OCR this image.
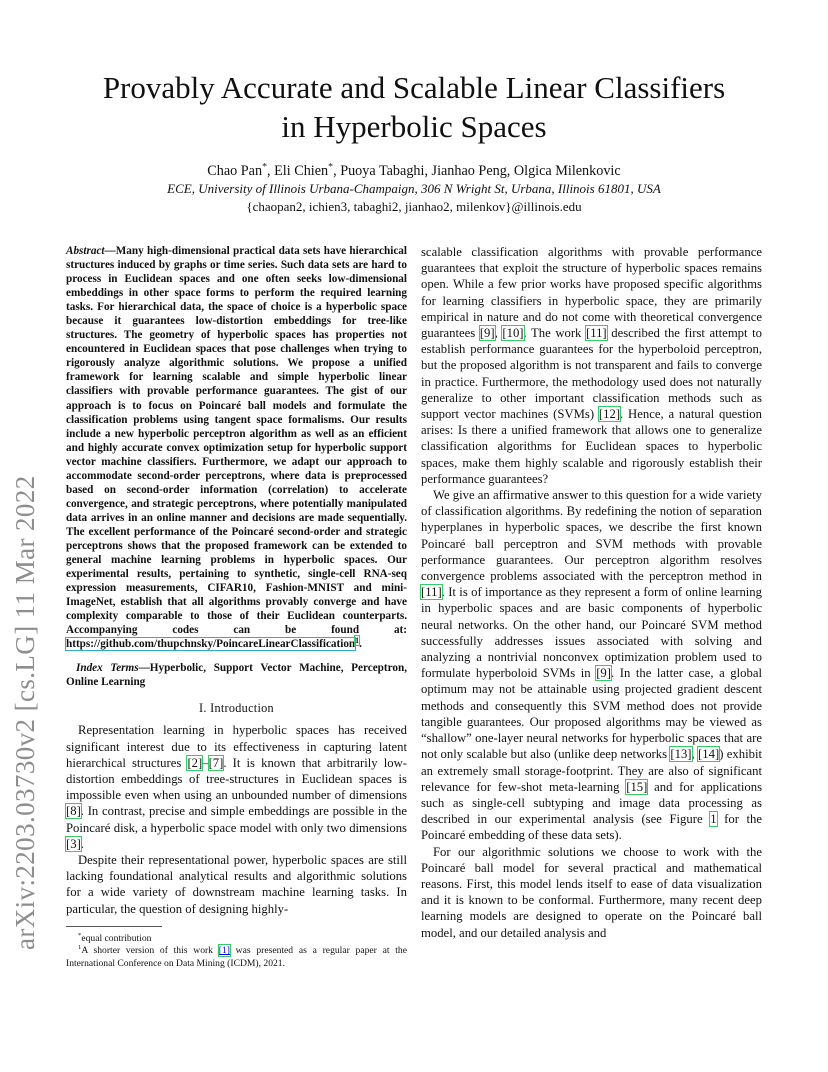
arXiv:2203.03730v2 [cs.LG] 11 Mar 2022
Provably Accurate and Scalable Linear Classifiers
in Hyperbolic Spaces
Chao Pan*, Eli Chien*, Puoya Tabaghi, Jianhao Peng, Olgica Milenkovic
ECE, University of Illinois Urbana-Champaign, 306 N Wright St, Urbana, Illinois 61801, USA
{chaopan2, ichien3, tabaghi2, jianhao2, milenkov}@illinois.edu
Abstract—Many high-dimensional practical data sets have hierarchical structures induced by graphs or time series. Such data sets are hard to process in Euclidean spaces and one often seeks low-dimensional embeddings in other space forms to perform the required learning tasks. For hierarchical data, the space of choice is a hyperbolic space because it guarantees low-distortion embeddings for tree-like structures. The geometry of hyperbolic spaces has properties not encountered in Euclidean spaces that pose challenges when trying to rigorously analyze algorithmic solutions. We propose a unified framework for learning scalable and simple hyperbolic linear classifiers with provable performance guarantees. The gist of our approach is to focus on Poincaré ball models and formulate the classification problems using tangent space formalisms. Our results include a new hyperbolic perceptron algorithm as well as an efficient and highly accurate convex optimization setup for hyperbolic support vector machine classifiers. Furthermore, we adapt our approach to accommodate second-order perceptrons, where data is preprocessed based on second-order information (correlation) to accelerate convergence, and strategic perceptrons, where potentially manipulated data arrives in an online manner and decisions are made sequentially. The excellent performance of the Poincaré second-order and strategic perceptrons shows that the proposed framework can be extended to general machine learning problems in hyperbolic spaces. Our experimental results, pertaining to synthetic, single-cell RNA-seq expression measurements, CIFAR10, Fashion-MNIST and mini-ImageNet, establish that all algorithms provably converge and have complexity comparable to those of their Euclidean counterparts. Accompanying codes can be found at: https://github.com/thupchnsky/PoincareLinearClassification$^1$.
Index Terms—Hyperbolic, Support Vector Machine, Perceptron, Online Learning
I. Introduction

Representation learning in hyperbolic spaces has received significant interest due to its effectiveness in capturing latent hierarchical structures [2]–[7]. It is known that arbitrarily low-distortion embeddings of tree-structures in Euclidean spaces is impossible even when using an unbounded number of dimensions [8]. In contrast, precise and simple embeddings are possible in the Poincaré disk, a hyperbolic space model with only two dimensions [3].

Despite their representational power, hyperbolic spaces are still lacking foundational analytical results and algorithmic solutions for a wide variety of downstream machine learning tasks. In particular, the question of designing highly-

*equal contribution

$^1$A shorter version of this work [1] was presented as a regular paper at the International Conference on Data Mining (ICDM), 2021.

scalable classification algorithms with provable performance guarantees that exploit the structure of hyperbolic spaces remains open. While a few prior works have proposed specific algorithms for learning classifiers in hyperbolic space, they are primarily empirical in nature and do not come with theoretical convergence guarantees [9], [10]. The work [11] described the first attempt to establish performance guarantees for the hyperboloid perceptron, but the proposed algorithm is not transparent and fails to converge in practice. Furthermore, the methodology used does not naturally generalize to other important classification methods such as support vector machines (SVMs) [12]. Hence, a natural question arises: Is there a unified framework that allows one to generalize classification algorithms for Euclidean spaces to hyperbolic spaces, make them highly scalable and rigorously establish their performance guarantees?

We give an affirmative answer to this question for a wide variety of classification algorithms. By redefining the notion of separation hyperplanes in hyperbolic spaces, we describe the first known Poincaré ball perceptron and SVM methods with provable performance guarantees. Our perceptron algorithm resolves convergence problems associated with the perceptron method in [11]. It is of importance as they represent a form of online learning in hyperbolic spaces and are basic components of hyperbolic neural networks. On the other hand, our Poincaré SVM method successfully addresses issues associated with solving and analyzing a nontrivial nonconvex optimization problem used to formulate hyperboloid SVMs in [9]. In the latter case, a global optimum may not be attainable using projected gradient descent methods and consequently this SVM method does not provide tangible guarantees. Our proposed algorithms may be viewed as “shallow” one-layer neural networks for hyperbolic spaces that are not only scalable but also (unlike deep networks [13], [14]) exhibit an extremely small storage-footprint. They are also of significant relevance for few-shot meta-learning [15] and for applications such as single-cell subtyping and image data processing as described in our experimental analysis (see Figure 1 for the Poincaré embedding of these data sets).

For our algorithmic solutions we choose to work with the Poincaré ball model for several practical and mathematical reasons. First, this model lends itself to ease of data visualization and it is known to be conformal. Furthermore, many recent deep learning models are designed to operate on the Poincaré ball model, and our detailed analysis and
